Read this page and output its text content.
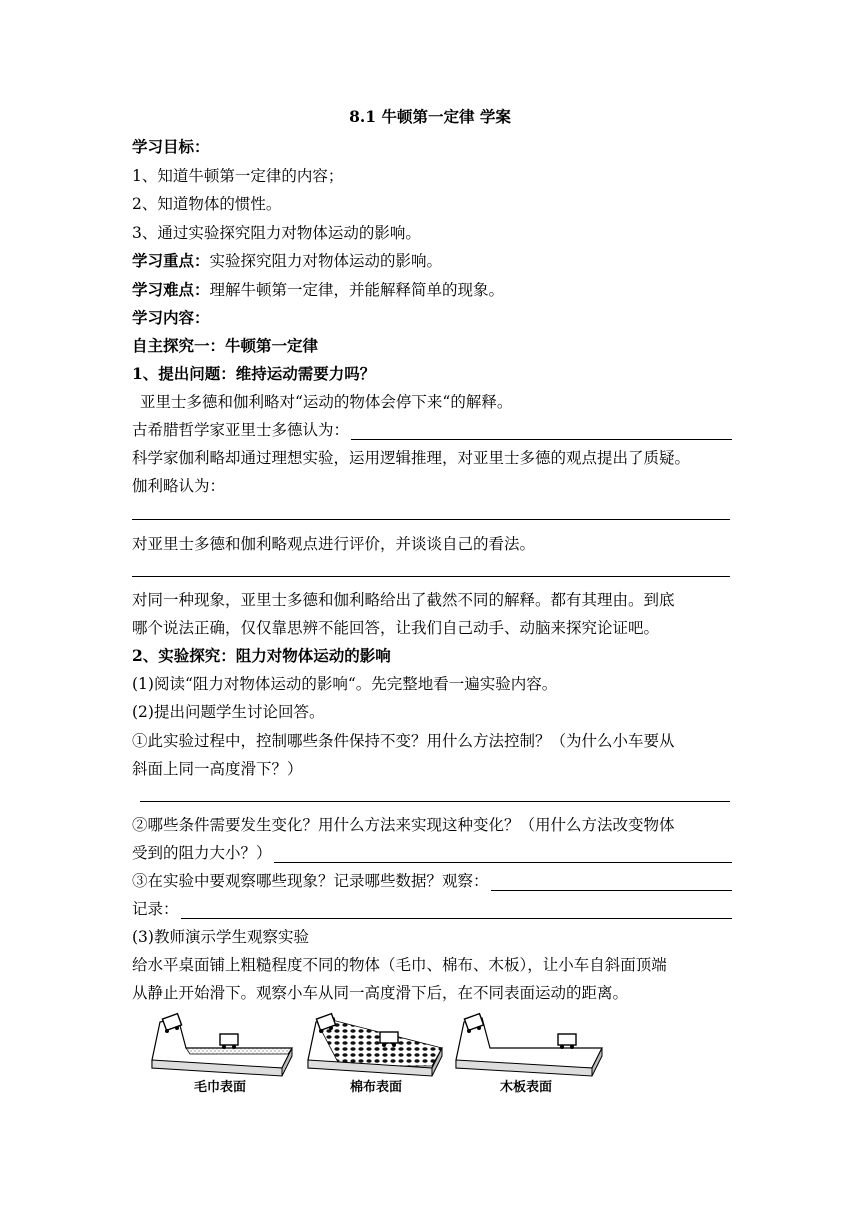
8.1 牛顿第一定律 学案
学习目标：
1、知道牛顿第一定律的内容；
2、知道物体的惯性。
3、通过实验探究阻力对物体运动的影响。
学习重点：实验探究阻力对物体运动的影响。
学习难点：理解牛顿第一定律，并能解释简单的现象。
学习内容：
自主探究一：牛顿第一定律
1、提出问题：维持运动需要力吗？
亚里士多德和伽利略对“运动的物体会停下来“的解释。
古希腊哲学家亚里士多德认为：
科学家伽利略却通过理想实验，运用逻辑推理，对亚里士多德的观点提出了质疑。
伽利略认为：
对亚里士多德和伽利略观点进行评价，并谈谈自己的看法。
对同一种现象，亚里士多德和伽利略给出了截然不同的解释。都有其理由。到底
哪个说法正确，仅仅靠思辨不能回答，让我们自己动手、动脑来探究论证吧。
2、实验探究：阻力对物体运动的影响
(1)阅读“阻力对物体运动的影响“。先完整地看一遍实验内容。
(2)提出问题学生讨论回答。
①此实验过程中，控制哪些条件保持不变？用什么方法控制？（为什么小车要从
斜面上同一高度滑下？）
②哪些条件需要发生变化？用什么方法来实现这种变化？（用什么方法改变物体
受到的阻力大小？）
③在实验中要观察哪些现象？记录哪些数据？观察：
记录：
(3)教师演示学生观察实验
给水平桌面铺上粗糙程度不同的物体（毛巾、棉布、木板），让小车自斜面顶端
从静止开始滑下。观察小车从同一高度滑下后，在不同表面运动的距离。
毛巾表面	棉布表面	木板表面
